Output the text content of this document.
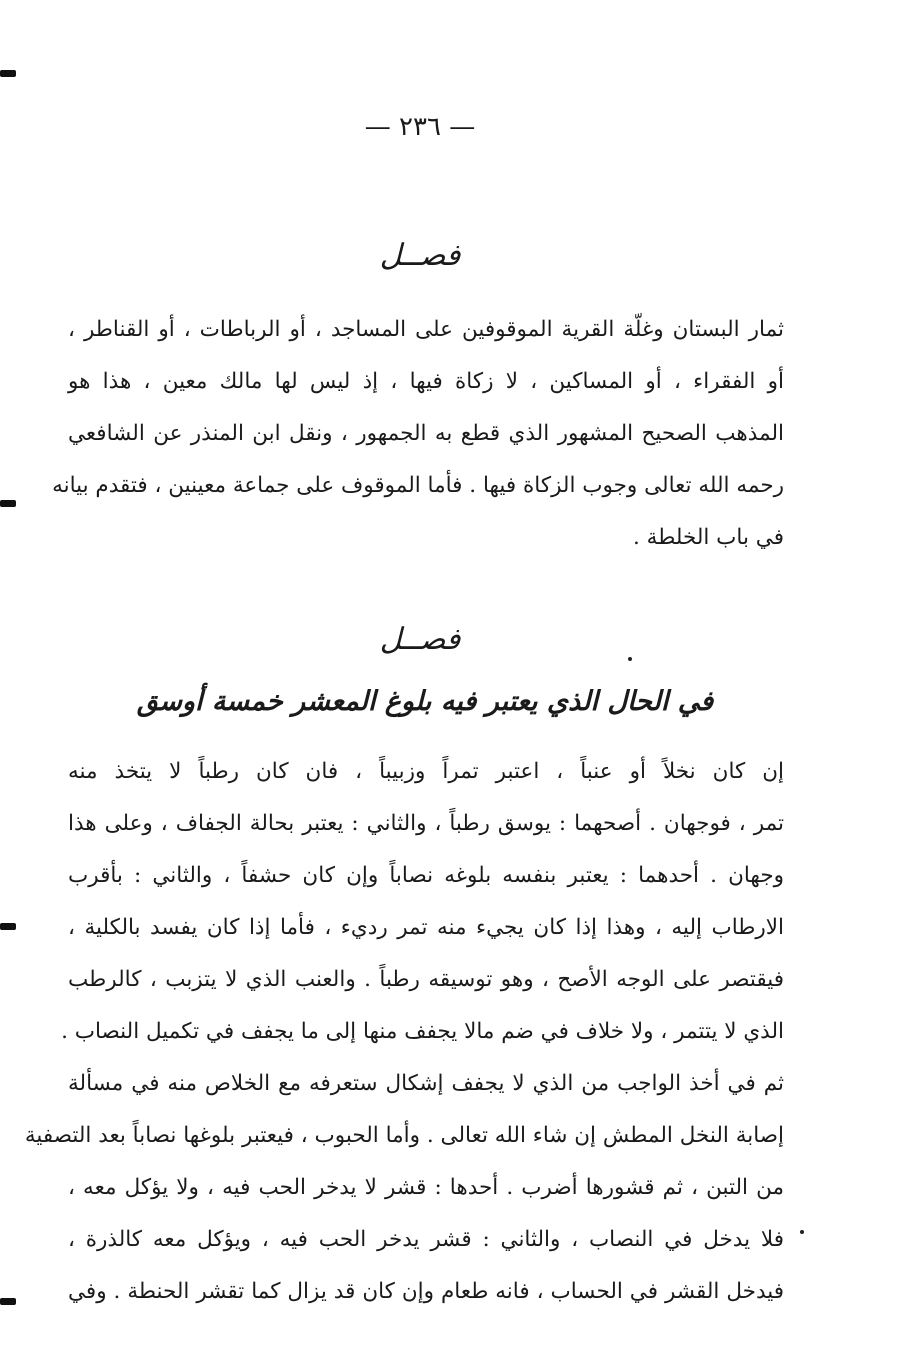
— ٢٣٦ —
فصــل
ثمار البستان وغلّة القرية الموقوفين على المساجد ، أو الرباطات ، أو القناطر ،
أو الفقراء ، أو المساكين ، لا زكاة فيها ، إذ ليس لها مالك معين ، هذا هو
المذهب الصحيح المشهور الذي قطع به الجمهور ، ونقل ابن المنذر عن الشافعي
رحمه الله تعالى وجوب الزكاة فيها . فأما الموقوف على جماعة معينين ، فتقدم بيانه
في باب الخلطة .
فصــل
في الحال الذي يعتبر فيه بلوغ المعشر خمسة أوسق
إن كان نخلاً أو عنباً ، اعتبر تمراً وزبيباً ، فان كان رطباً لا يتخذ منه
تمر ، فوجهان . أصحهما : يوسق رطباً ، والثاني : يعتبر بحالة الجفاف ، وعلى هذا
وجهان . أحدهما : يعتبر بنفسه بلوغه نصاباً وإن كان حشفاً ، والثاني : بأقرب
الارطاب إليه ، وهذا إذا كان يجيء منه تمر رديء ، فأما إذا كان يفسد بالكلية ،
فيقتصر على الوجه الأصح ، وهو توسيقه رطباً . والعنب الذي لا يتزبب ، كالرطب
الذي لا يتتمر ، ولا خلاف في ضم مالا يجفف منها إلى ما يجفف في تكميل النصاب .
ثم في أخذ الواجب من الذي لا يجفف إشكال ستعرفه مع الخلاص منه في مسألة
إصابة النخل المطش إن شاء الله تعالى . وأما الحبوب ، فيعتبر بلوغها نصاباً بعد التصفية
من التبن ، ثم قشورها أضرب . أحدها : قشر لا يدخر الحب فيه ، ولا يؤكل معه ،
فلا يدخل في النصاب ، والثاني : قشر يدخر الحب فيه ، ويؤكل معه كالذرة ،
فيدخل القشر في الحساب ، فانه طعام وإن كان قد يزال كما تقشر الحنطة . وفي
